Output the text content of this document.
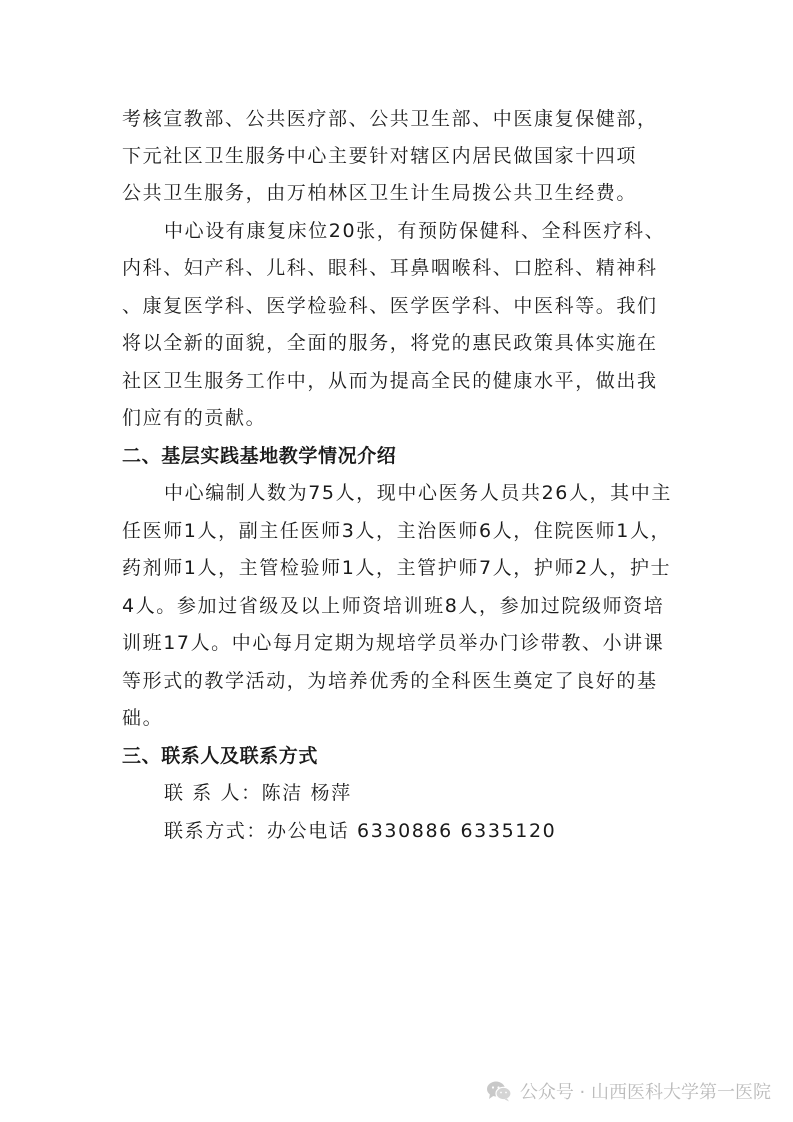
考核宣教部、公共医疗部、公共卫生部、中医康复保健部，
下元社区卫生服务中心主要针对辖区内居民做国家十四项
公共卫生服务，由万柏林区卫生计生局拨公共卫生经费。
中心设有康复床位20张，有预防保健科、全科医疗科、
内科、妇产科、儿科、眼科、耳鼻咽喉科、口腔科、精神科
、康复医学科、医学检验科、医学医学科、中医科等。我们
将以全新的面貌，全面的服务，将党的惠民政策具体实施在
社区卫生服务工作中，从而为提高全民的健康水平，做出我
们应有的贡献。
二、基层实践基地教学情况介绍
中心编制人数为75人，现中心医务人员共26人，其中主
任医师1人，副主任医师3人，主治医师6人，住院医师1人，
药剂师1人，主管检验师1人，主管护师7人，护师2人，护士
4人。参加过省级及以上师资培训班8人，参加过院级师资培
训班17人。中心每月定期为规培学员举办门诊带教、小讲课
等形式的教学活动，为培养优秀的全科医生奠定了良好的基
础。
三、联系人及联系方式
联 系 人：陈洁 杨萍
联系方式：办公电话 6330886 6335120
公众号 · 山西医科大学第一医院
